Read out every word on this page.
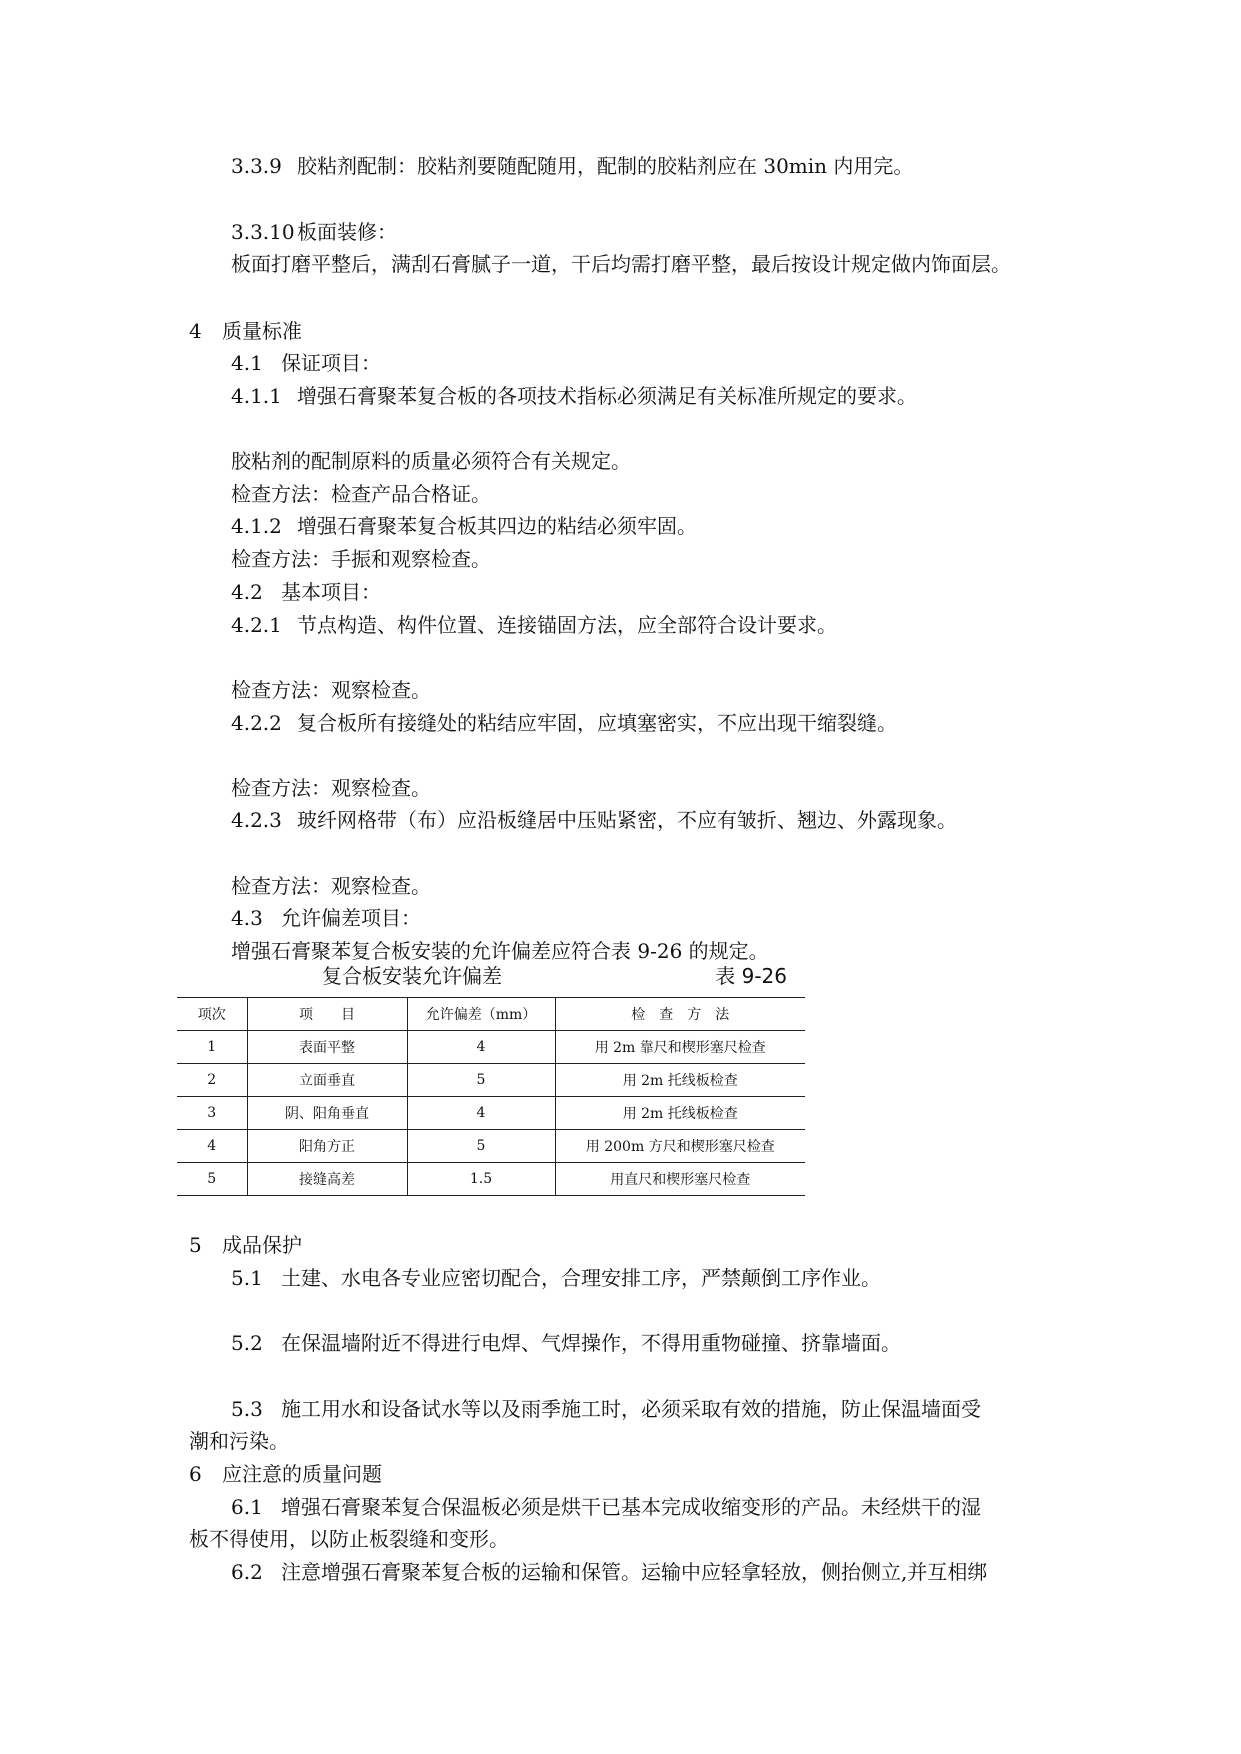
3.3.9 胶粘剂配制：胶粘剂要随配随用，配制的胶粘剂应在 30min 内用完。

3.3.10 板面装修：

板面打磨平整后，满刮石膏腻子一道，干后均需打磨平整，最后按设计规定做内饰面层。

4 质量标准

4.1 保证项目：

4.1.1 增强石膏聚苯复合板的各项技术指标必须满足有关标准所规定的要求。

胶粘剂的配制原料的质量必须符合有关规定。

检查方法：检查产品合格证。

4.1.2 增强石膏聚苯复合板其四边的粘结必须牢固。

检查方法：手振和观察检查。

4.2 基本项目：

4.2.1 节点构造、构件位置、连接锚固方法，应全部符合设计要求。

检查方法：观察检查。

4.2.2 复合板所有接缝处的粘结应牢固，应填塞密实，不应出现干缩裂缝。

检查方法：观察检查。

4.2.3 玻纤网格带（布）应沿板缝居中压贴紧密，不应有皱折、翘边、外露现象。

检查方法：观察检查。

4.3 允许偏差项目：

增强石膏聚苯复合板安装的允许偏差应符合表 9-26 的规定。

复合板安装允许偏差	表 9-26
项次	项　　目	允许偏差（mm）	检　查　方　法
1	表面平整	4	用 2m 靠尺和楔形塞尺检查
2	立面垂直	5	用 2m 托线板检查
3	阴、阳角垂直	4	用 2m 托线板检查
4	阳角方正	5	用 200m 方尺和楔形塞尺检查
5	接缝高差	1.5	用直尺和楔形塞尺检查

5 成品保护

5.1 土建、水电各专业应密切配合，合理安排工序，严禁颠倒工序作业。

5.2 在保温墙附近不得进行电焊、气焊操作，不得用重物碰撞、挤靠墙面。

5.3 施工用水和设备试水等以及雨季施工时，必须采取有效的措施，防止保温墙面受

潮和污染。

6 应注意的质量问题

6.1 增强石膏聚苯复合保温板必须是烘干已基本完成收缩变形的产品。未经烘干的湿

板不得使用，以防止板裂缝和变形。

6.2 注意增强石膏聚苯复合板的运输和保管。运输中应轻拿轻放，侧抬侧立,并互相绑
